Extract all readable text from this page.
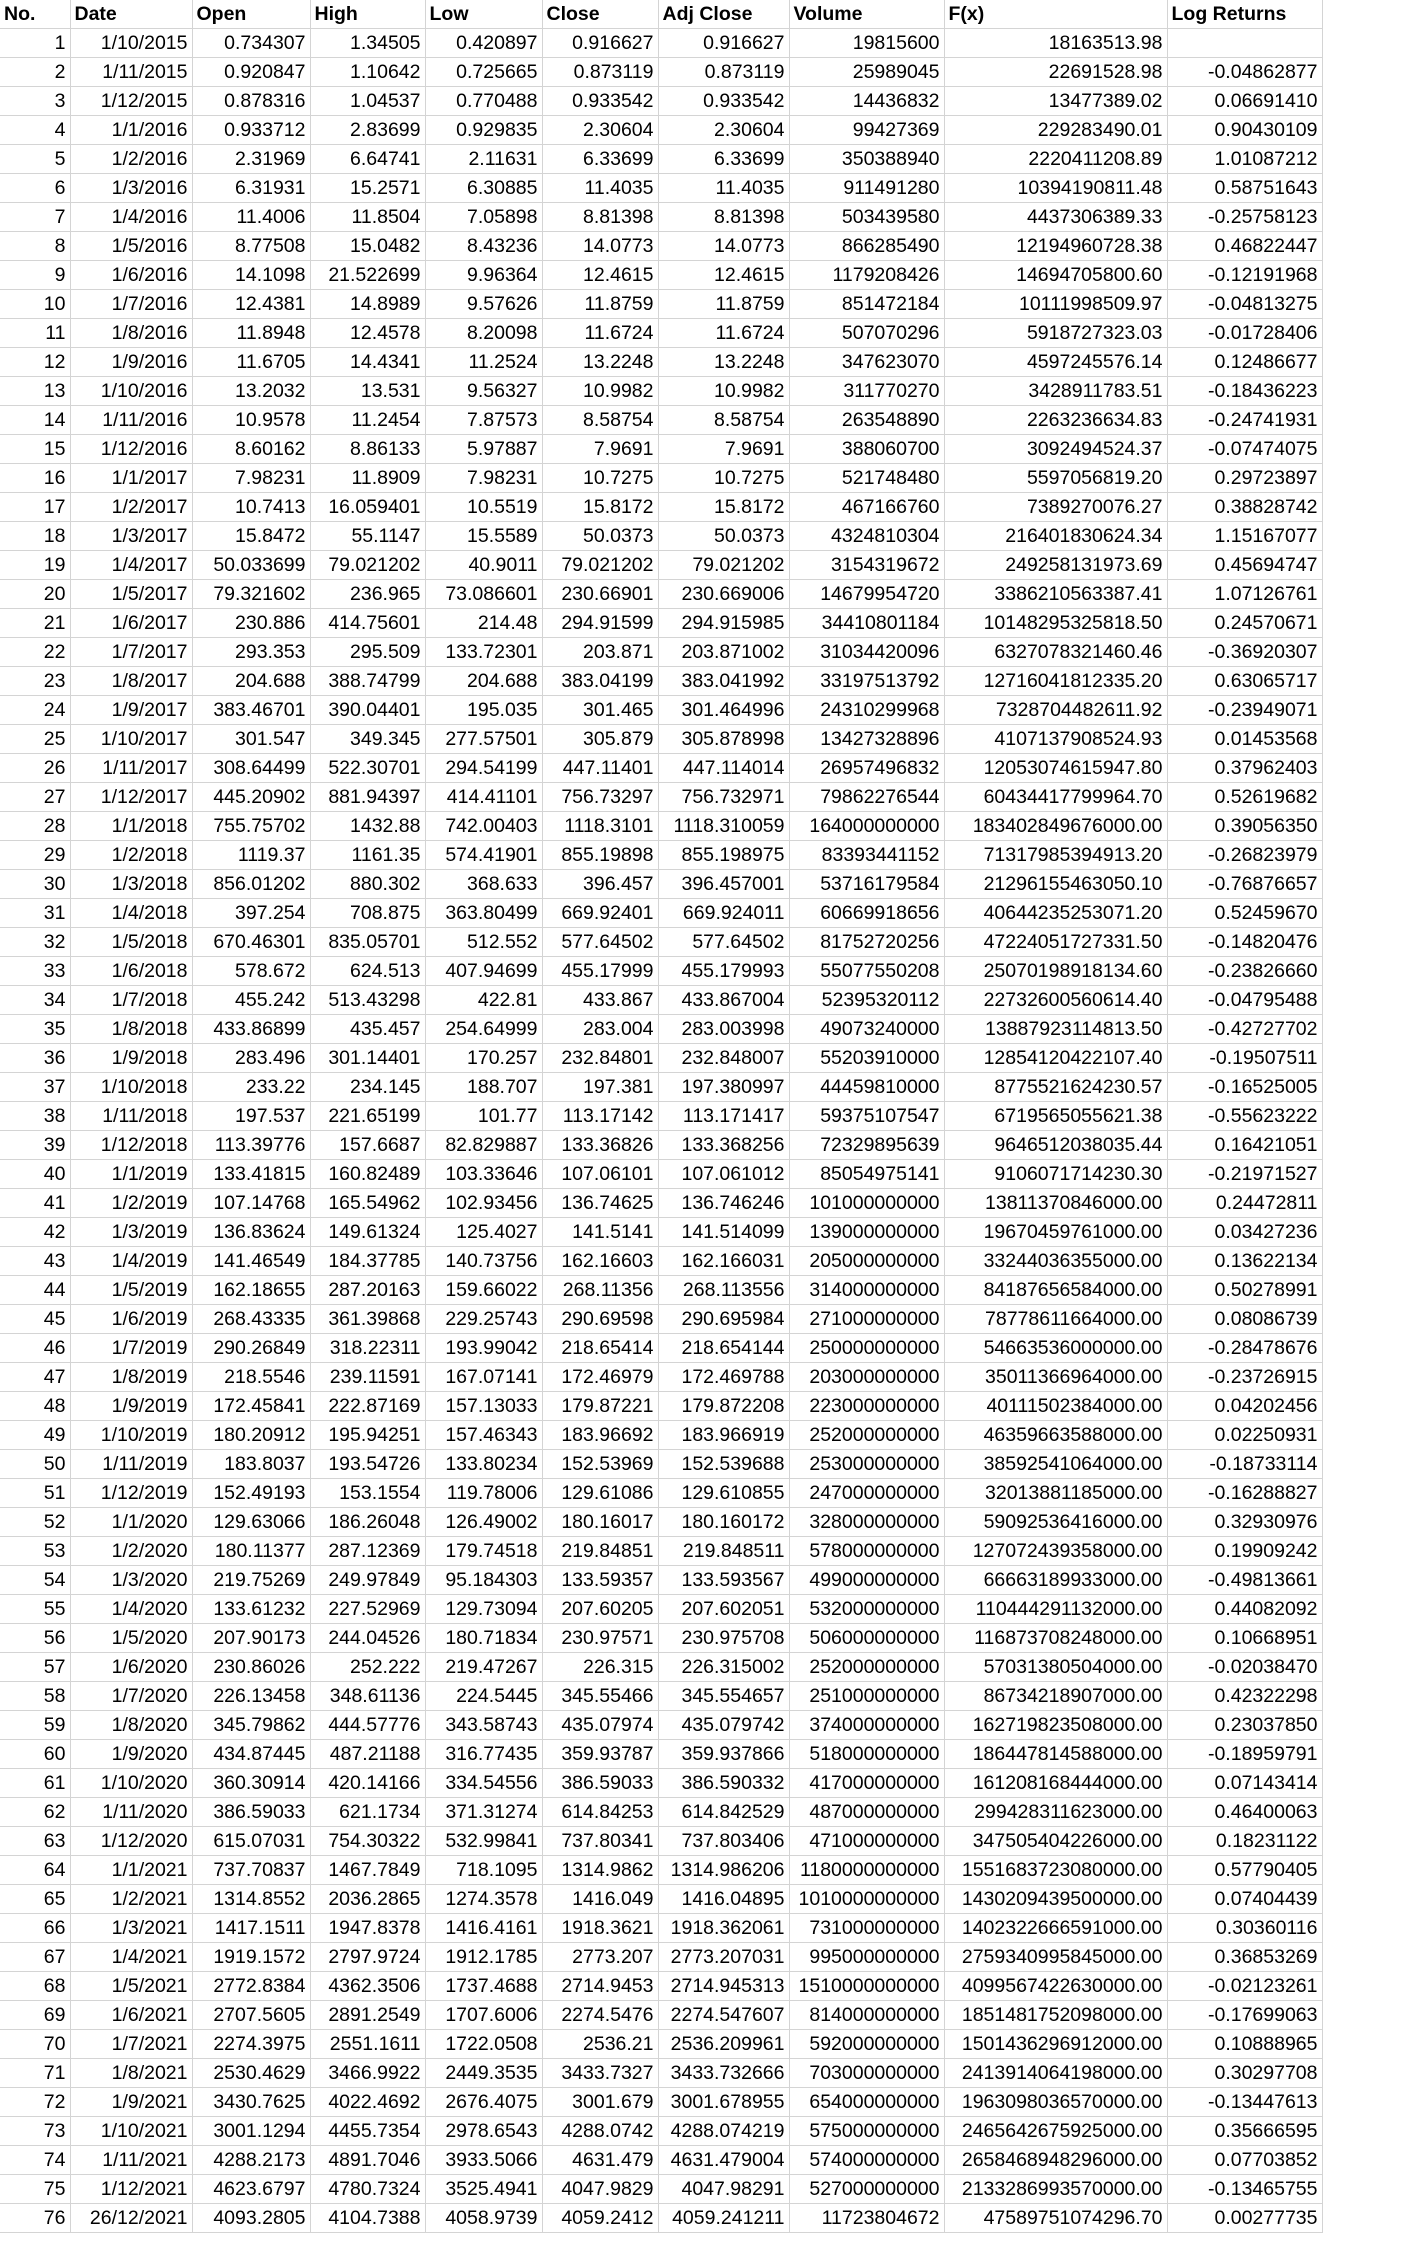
No.	Date	Open	High	Low	Close	Adj Close	Volume	F(x)	Log Returns
1	1/10/2015	0.734307	1.34505	0.420897	0.916627	0.916627	19815600	18163513.98	
2	1/11/2015	0.920847	1.10642	0.725665	0.873119	0.873119	25989045	22691528.98	-0.04862877
3	1/12/2015	0.878316	1.04537	0.770488	0.933542	0.933542	14436832	13477389.02	0.06691410
4	1/1/2016	0.933712	2.83699	0.929835	2.30604	2.30604	99427369	229283490.01	0.90430109
5	1/2/2016	2.31969	6.64741	2.11631	6.33699	6.33699	350388940	2220411208.89	1.01087212
6	1/3/2016	6.31931	15.2571	6.30885	11.4035	11.4035	911491280	10394190811.48	0.58751643
7	1/4/2016	11.4006	11.8504	7.05898	8.81398	8.81398	503439580	4437306389.33	-0.25758123
8	1/5/2016	8.77508	15.0482	8.43236	14.0773	14.0773	866285490	12194960728.38	0.46822447
9	1/6/2016	14.1098	21.522699	9.96364	12.4615	12.4615	1179208426	14694705800.60	-0.12191968
10	1/7/2016	12.4381	14.8989	9.57626	11.8759	11.8759	851472184	10111998509.97	-0.04813275
11	1/8/2016	11.8948	12.4578	8.20098	11.6724	11.6724	507070296	5918727323.03	-0.01728406
12	1/9/2016	11.6705	14.4341	11.2524	13.2248	13.2248	347623070	4597245576.14	0.12486677
13	1/10/2016	13.2032	13.531	9.56327	10.9982	10.9982	311770270	3428911783.51	-0.18436223
14	1/11/2016	10.9578	11.2454	7.87573	8.58754	8.58754	263548890	2263236634.83	-0.24741931
15	1/12/2016	8.60162	8.86133	5.97887	7.9691	7.9691	388060700	3092494524.37	-0.07474075
16	1/1/2017	7.98231	11.8909	7.98231	10.7275	10.7275	521748480	5597056819.20	0.29723897
17	1/2/2017	10.7413	16.059401	10.5519	15.8172	15.8172	467166760	7389270076.27	0.38828742
18	1/3/2017	15.8472	55.1147	15.5589	50.0373	50.0373	4324810304	216401830624.34	1.15167077
19	1/4/2017	50.033699	79.021202	40.9011	79.021202	79.021202	3154319672	249258131973.69	0.45694747
20	1/5/2017	79.321602	236.965	73.086601	230.66901	230.669006	14679954720	3386210563387.41	1.07126761
21	1/6/2017	230.886	414.75601	214.48	294.91599	294.915985	34410801184	10148295325818.50	0.24570671
22	1/7/2017	293.353	295.509	133.72301	203.871	203.871002	31034420096	6327078321460.46	-0.36920307
23	1/8/2017	204.688	388.74799	204.688	383.04199	383.041992	33197513792	12716041812335.20	0.63065717
24	1/9/2017	383.46701	390.04401	195.035	301.465	301.464996	24310299968	7328704482611.92	-0.23949071
25	1/10/2017	301.547	349.345	277.57501	305.879	305.878998	13427328896	4107137908524.93	0.01453568
26	1/11/2017	308.64499	522.30701	294.54199	447.11401	447.114014	26957496832	12053074615947.80	0.37962403
27	1/12/2017	445.20902	881.94397	414.41101	756.73297	756.732971	79862276544	60434417799964.70	0.52619682
28	1/1/2018	755.75702	1432.88	742.00403	1118.3101	1118.310059	164000000000	183402849676000.00	0.39056350
29	1/2/2018	1119.37	1161.35	574.41901	855.19898	855.198975	83393441152	71317985394913.20	-0.26823979
30	1/3/2018	856.01202	880.302	368.633	396.457	396.457001	53716179584	21296155463050.10	-0.76876657
31	1/4/2018	397.254	708.875	363.80499	669.92401	669.924011	60669918656	40644235253071.20	0.52459670
32	1/5/2018	670.46301	835.05701	512.552	577.64502	577.64502	81752720256	47224051727331.50	-0.14820476
33	1/6/2018	578.672	624.513	407.94699	455.17999	455.179993	55077550208	25070198918134.60	-0.23826660
34	1/7/2018	455.242	513.43298	422.81	433.867	433.867004	52395320112	22732600560614.40	-0.04795488
35	1/8/2018	433.86899	435.457	254.64999	283.004	283.003998	49073240000	13887923114813.50	-0.42727702
36	1/9/2018	283.496	301.14401	170.257	232.84801	232.848007	55203910000	12854120422107.40	-0.19507511
37	1/10/2018	233.22	234.145	188.707	197.381	197.380997	44459810000	8775521624230.57	-0.16525005
38	1/11/2018	197.537	221.65199	101.77	113.17142	113.171417	59375107547	6719565055621.38	-0.55623222
39	1/12/2018	113.39776	157.6687	82.829887	133.36826	133.368256	72329895639	9646512038035.44	0.16421051
40	1/1/2019	133.41815	160.82489	103.33646	107.06101	107.061012	85054975141	9106071714230.30	-0.21971527
41	1/2/2019	107.14768	165.54962	102.93456	136.74625	136.746246	101000000000	13811370846000.00	0.24472811
42	1/3/2019	136.83624	149.61324	125.4027	141.5141	141.514099	139000000000	19670459761000.00	0.03427236
43	1/4/2019	141.46549	184.37785	140.73756	162.16603	162.166031	205000000000	33244036355000.00	0.13622134
44	1/5/2019	162.18655	287.20163	159.66022	268.11356	268.113556	314000000000	84187656584000.00	0.50278991
45	1/6/2019	268.43335	361.39868	229.25743	290.69598	290.695984	271000000000	78778611664000.00	0.08086739
46	1/7/2019	290.26849	318.22311	193.99042	218.65414	218.654144	250000000000	54663536000000.00	-0.28478676
47	1/8/2019	218.5546	239.11591	167.07141	172.46979	172.469788	203000000000	35011366964000.00	-0.23726915
48	1/9/2019	172.45841	222.87169	157.13033	179.87221	179.872208	223000000000	40111502384000.00	0.04202456
49	1/10/2019	180.20912	195.94251	157.46343	183.96692	183.966919	252000000000	46359663588000.00	0.02250931
50	1/11/2019	183.8037	193.54726	133.80234	152.53969	152.539688	253000000000	38592541064000.00	-0.18733114
51	1/12/2019	152.49193	153.1554	119.78006	129.61086	129.610855	247000000000	32013881185000.00	-0.16288827
52	1/1/2020	129.63066	186.26048	126.49002	180.16017	180.160172	328000000000	59092536416000.00	0.32930976
53	1/2/2020	180.11377	287.12369	179.74518	219.84851	219.848511	578000000000	127072439358000.00	0.19909242
54	1/3/2020	219.75269	249.97849	95.184303	133.59357	133.593567	499000000000	66663189933000.00	-0.49813661
55	1/4/2020	133.61232	227.52969	129.73094	207.60205	207.602051	532000000000	110444291132000.00	0.44082092
56	1/5/2020	207.90173	244.04526	180.71834	230.97571	230.975708	506000000000	116873708248000.00	0.10668951
57	1/6/2020	230.86026	252.222	219.47267	226.315	226.315002	252000000000	57031380504000.00	-0.02038470
58	1/7/2020	226.13458	348.61136	224.5445	345.55466	345.554657	251000000000	86734218907000.00	0.42322298
59	1/8/2020	345.79862	444.57776	343.58743	435.07974	435.079742	374000000000	162719823508000.00	0.23037850
60	1/9/2020	434.87445	487.21188	316.77435	359.93787	359.937866	518000000000	186447814588000.00	-0.18959791
61	1/10/2020	360.30914	420.14166	334.54556	386.59033	386.590332	417000000000	161208168444000.00	0.07143414
62	1/11/2020	386.59033	621.1734	371.31274	614.84253	614.842529	487000000000	299428311623000.00	0.46400063
63	1/12/2020	615.07031	754.30322	532.99841	737.80341	737.803406	471000000000	347505404226000.00	0.18231122
64	1/1/2021	737.70837	1467.7849	718.1095	1314.9862	1314.986206	1180000000000	1551683723080000.00	0.57790405
65	1/2/2021	1314.8552	2036.2865	1274.3578	1416.049	1416.04895	1010000000000	1430209439500000.00	0.07404439
66	1/3/2021	1417.1511	1947.8378	1416.4161	1918.3621	1918.362061	731000000000	1402322666591000.00	0.30360116
67	1/4/2021	1919.1572	2797.9724	1912.1785	2773.207	2773.207031	995000000000	2759340995845000.00	0.36853269
68	1/5/2021	2772.8384	4362.3506	1737.4688	2714.9453	2714.945313	1510000000000	4099567422630000.00	-0.02123261
69	1/6/2021	2707.5605	2891.2549	1707.6006	2274.5476	2274.547607	814000000000	1851481752098000.00	-0.17699063
70	1/7/2021	2274.3975	2551.1611	1722.0508	2536.21	2536.209961	592000000000	1501436296912000.00	0.10888965
71	1/8/2021	2530.4629	3466.9922	2449.3535	3433.7327	3433.732666	703000000000	2413914064198000.00	0.30297708
72	1/9/2021	3430.7625	4022.4692	2676.4075	3001.679	3001.678955	654000000000	1963098036570000.00	-0.13447613
73	1/10/2021	3001.1294	4455.7354	2978.6543	4288.0742	4288.074219	575000000000	2465642675925000.00	0.35666595
74	1/11/2021	4288.2173	4891.7046	3933.5066	4631.479	4631.479004	574000000000	2658468948296000.00	0.07703852
75	1/12/2021	4623.6797	4780.7324	3525.4941	4047.9829	4047.98291	527000000000	2133286993570000.00	-0.13465755
76	26/12/2021	4093.2805	4104.7388	4058.9739	4059.2412	4059.241211	11723804672	47589751074296.70	0.00277735
